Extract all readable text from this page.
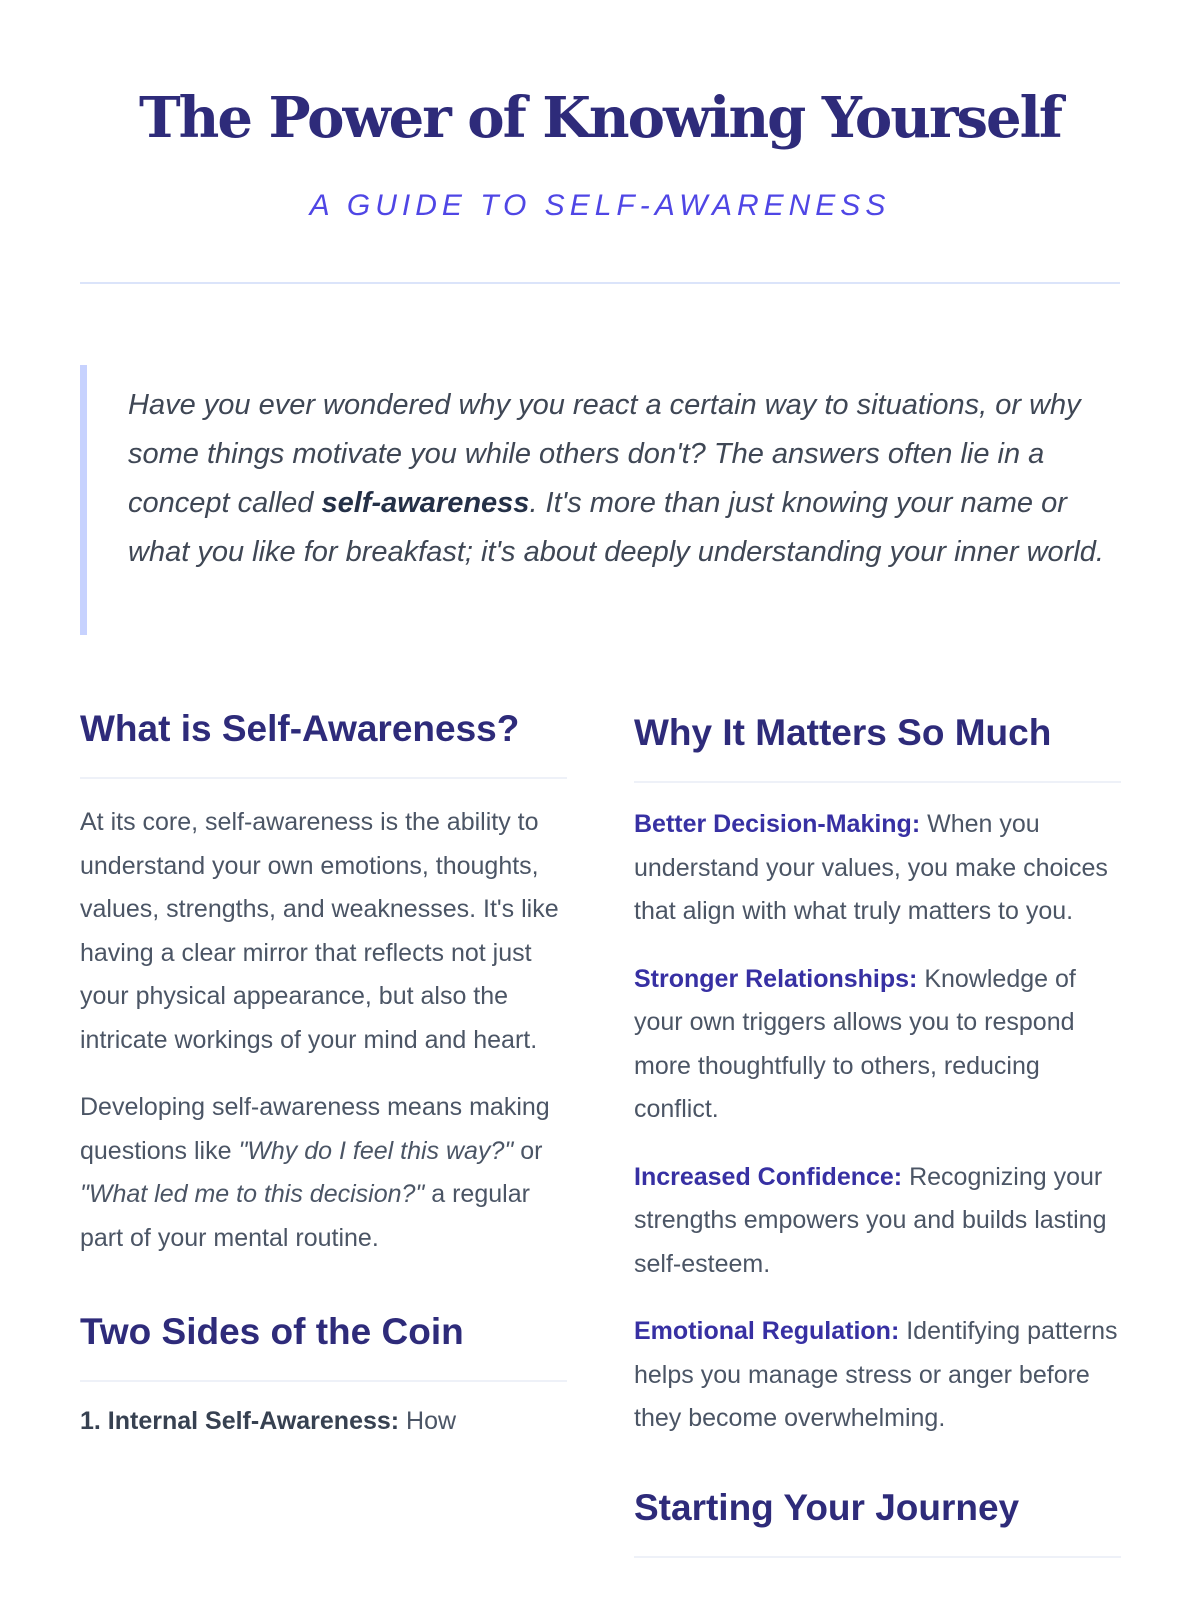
The Power of Knowing Yourself
A GUIDE TO SELF-AWARENESS
Have you ever wondered why you react a certain way to situations, or why some things motivate you while others don't? The answers often lie in a concept called self-awareness. It's more than just knowing your name or what you like for breakfast; it's about deeply understanding your inner world.
What is Self-Awareness?

At its core, self-awareness is the ability to understand your own emotions, thoughts, values, strengths, and weaknesses. It's like having a clear mirror that reflects not just your physical appearance, but also the intricate workings of your mind and heart.

Developing self-awareness means making questions like "Why do I feel this way?" or "What led me to this decision?" a regular part of your mental routine.

Two Sides of the Coin

1. Internal Self-Awareness: How

Why It Matters So Much

Better Decision-Making: When you understand your values, you make choices that align with what truly matters to you.

Stronger Relationships: Knowledge of your own triggers allows you to respond more thoughtfully to others, reducing conflict.

Increased Confidence: Recognizing your strengths empowers you and builds lasting self-esteem.

Emotional Regulation: Identifying patterns helps you manage stress or anger before they become overwhelming.

Starting Your Journey
